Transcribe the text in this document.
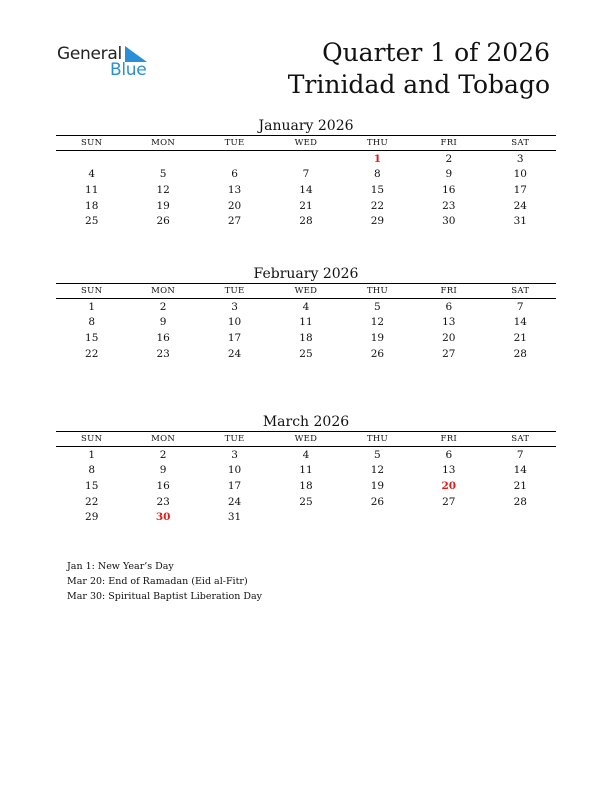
General
Blue
Quarter 1 of 2026
Trinidad and Tobago
January 2026
SUN	MON	TUE	WED	THU	FRI	SAT
				1	2	3
4	5	6	7	8	9	10
11	12	13	14	15	16	17
18	19	20	21	22	23	24
25	26	27	28	29	30	31
February 2026
SUN	MON	TUE	WED	THU	FRI	SAT
1	2	3	4	5	6	7
8	9	10	11	12	13	14
15	16	17	18	19	20	21
22	23	24	25	26	27	28
March 2026
SUN	MON	TUE	WED	THU	FRI	SAT
1	2	3	4	5	6	7
8	9	10	11	12	13	14
15	16	17	18	19	20	21
22	23	24	25	26	27	28
29	30	31				
Jan 1: New Year’s Day
Mar 20: End of Ramadan (Eid al-Fitr)
Mar 30: Spiritual Baptist Liberation Day
